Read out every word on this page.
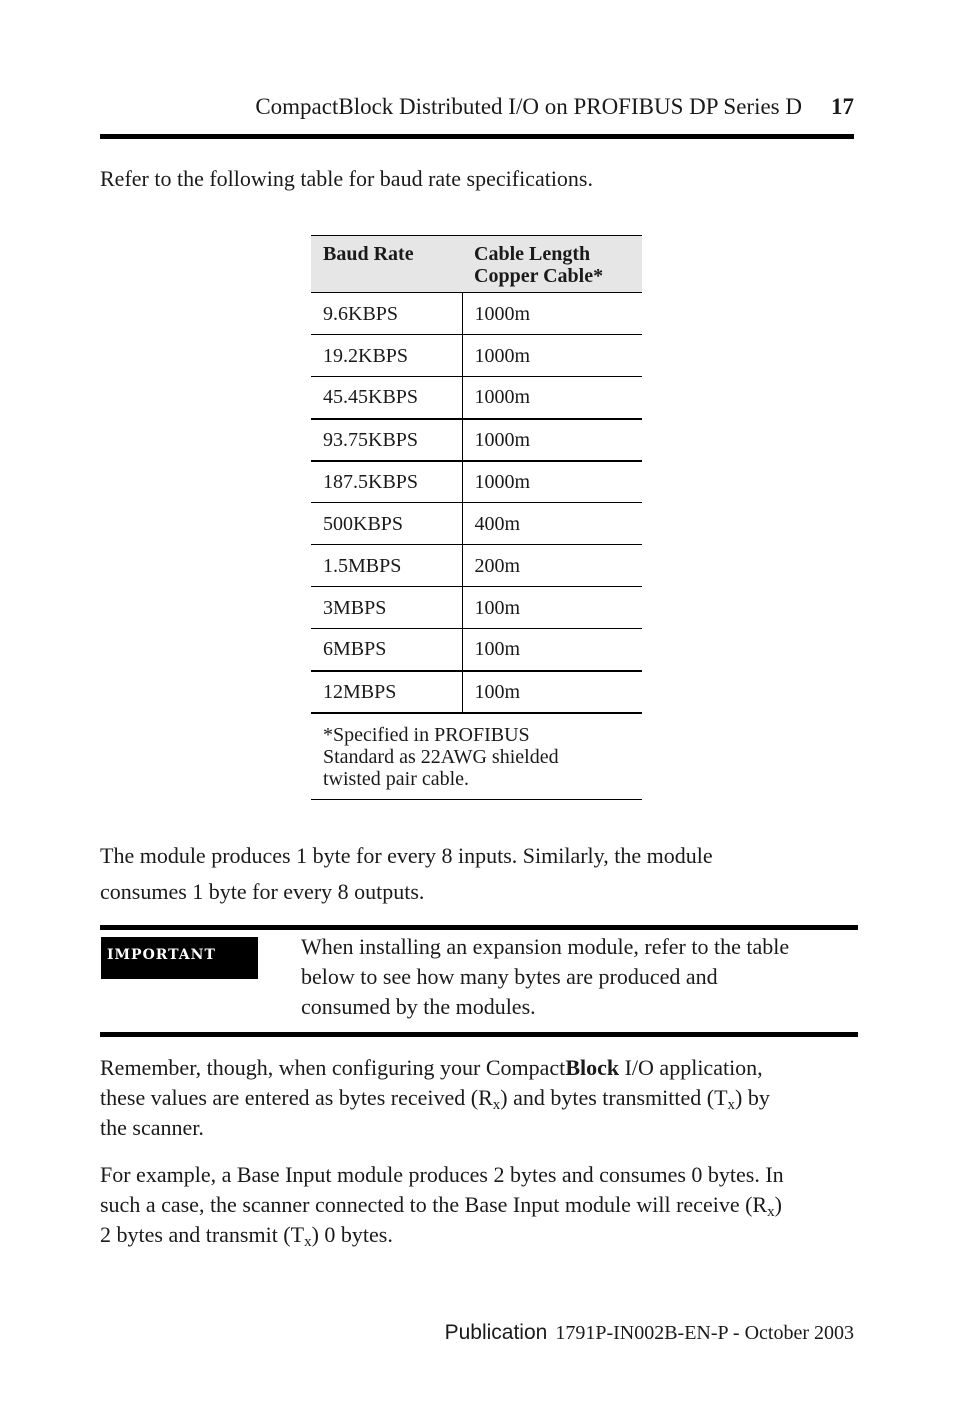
CompactBlock Distributed I/O on PROFIBUS DP Series D 17
Refer to the following table for baud rate specifications.
Baud Rate	Cable Length
Copper Cable*
9.6KBPS	1000m
19.2KBPS	1000m
45.45KBPS	1000m
93.75KBPS	1000m
187.5KBPS	1000m
500KBPS	400m
1.5MBPS	200m
3MBPS	100m
6MBPS	100m
12MBPS	100m
*Specified in PROFIBUS
Standard as 22AWG shielded
twisted pair cable.	
The module produces 1 byte for every 8 inputs. Similarly, the module
consumes 1 byte for every 8 outputs.
IMPORTANT	When installing an expansion module, refer to the table
below to see how many bytes are produced and
consumed by the modules.
Remember, though, when configuring your CompactBlock I/O application,
these values are entered as bytes received $(R_x)$ and bytes transmitted $(T_x)$ by
the scanner.
For example, a Base Input module produces 2 bytes and consumes 0 bytes. In
such a case, the scanner connected to the Base Input module will receive $(R_x)$
2 bytes and transmit $(T_x)$ 0 bytes.
Publication 1791P-IN002B-EN-P - October 2003
